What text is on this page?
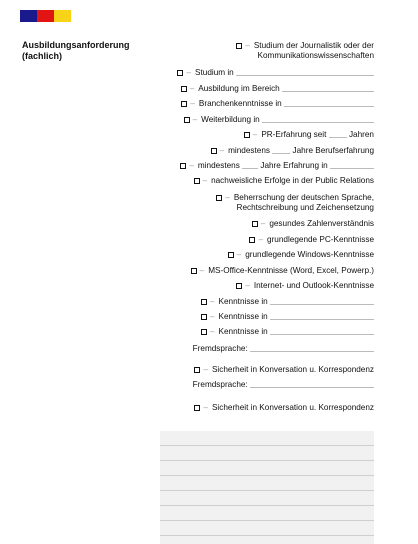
Ausbildungsanforderung
(fachlich)
– Studium der Journalistik oder der
Kommunikationswissenschaften
– Studium in
– Ausbildung im Bereich
– Branchenkenntnisse in
– Weiterbildung in
– PR-Erfahrung seit	Jahren
– mindestens	Jahre Berufserfahrung
– mindestens	Jahre Erfahrung in
– nachweisliche Erfolge in der Public Relations
– Beherrschung der deutschen Sprache,
Rechtschreibung und Zeichensetzung
– gesundes Zahlenverständnis
– grundlegende PC-Kenntnisse
– grundlegende Windows-Kenntnisse
– MS-Office-Kenntnisse (Word, Excel, Powerp.)
– Internet- und Outlook-Kenntnisse
– Kenntnisse in
– Kenntnisse in
– Kenntnisse in
Fremdsprache:
– Sicherheit in Konversation u. Korrespondenz
Fremdsprache:
– Sicherheit in Konversation u. Korrespondenz
